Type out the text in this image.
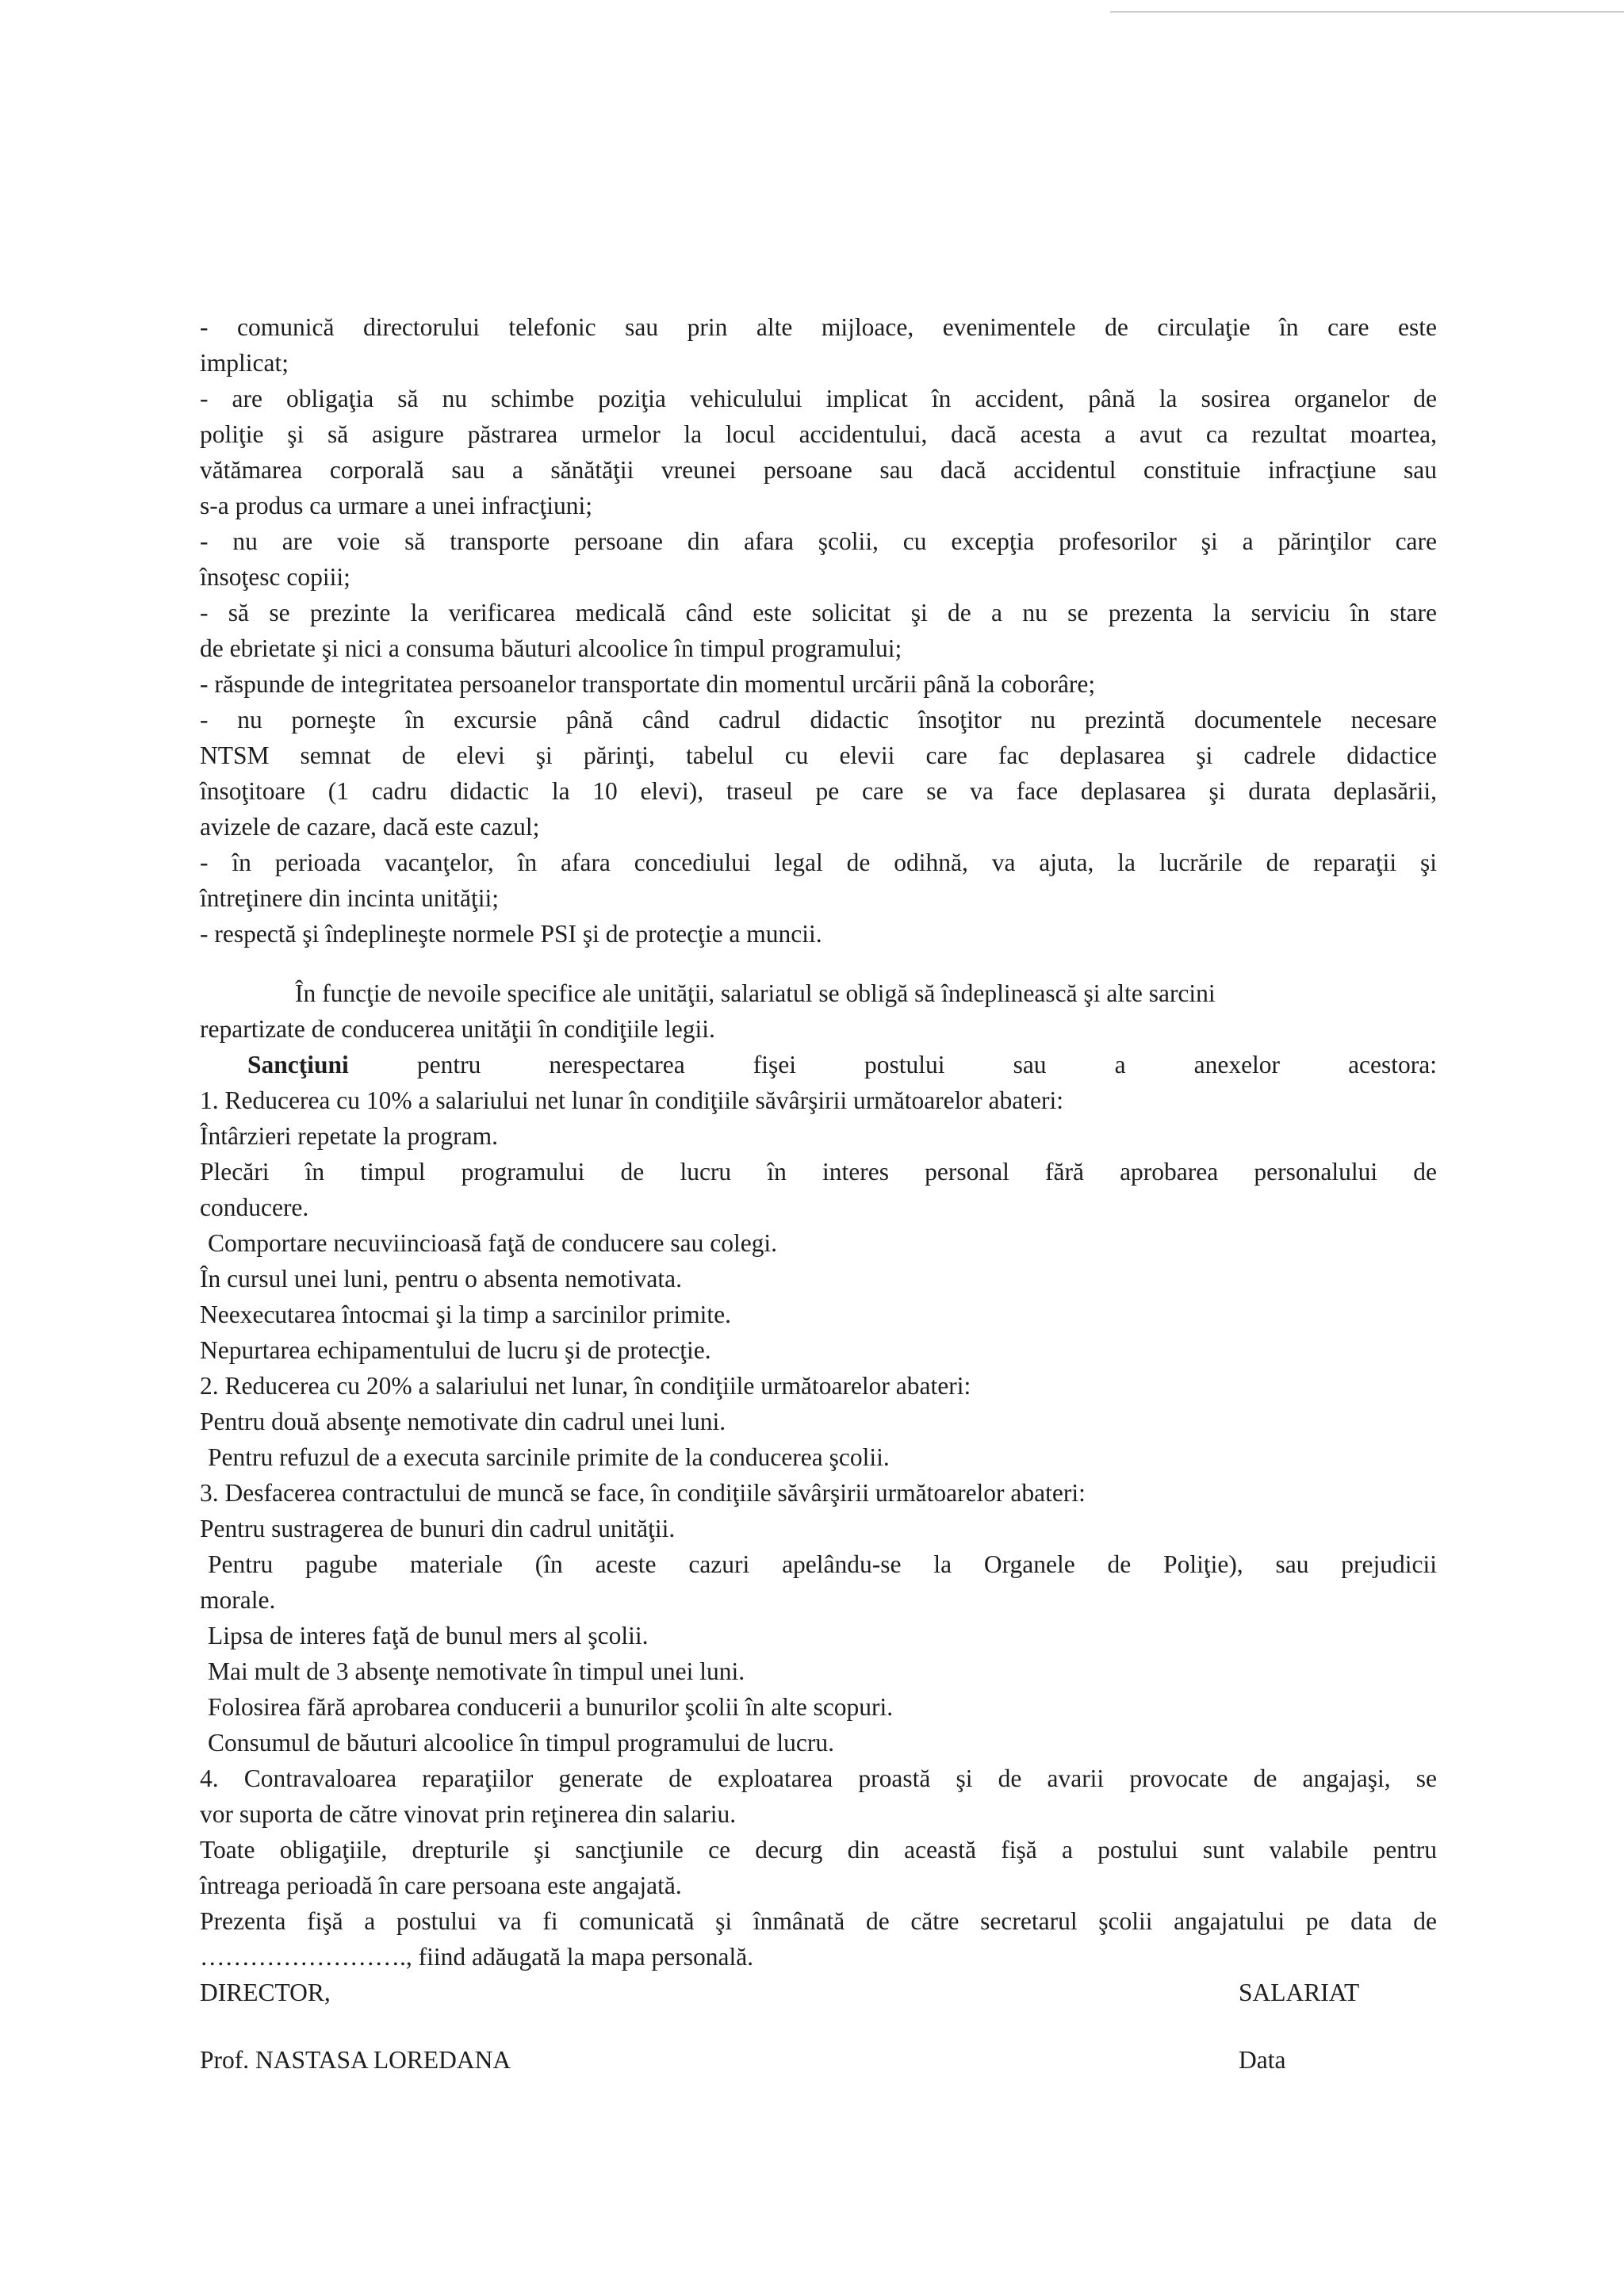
- comunică directorului telefonic sau prin alte mijloace, evenimentele de circulaţie în care este

implicat;

- are obligaţia să nu schimbe poziţia vehiculului implicat în accident, până la sosirea organelor de

poliţie şi să asigure păstrarea urmelor la locul accidentului, dacă acesta a avut ca rezultat moartea,

vătămarea corporală sau a sănătăţii vreunei persoane sau dacă accidentul constituie infracţiune sau

s-a produs ca urmare a unei infracţiuni;

- nu are voie să transporte persoane din afara şcolii, cu excepţia profesorilor şi a părinţilor care

însoţesc copiii;

- să se prezinte la verificarea medicală când este solicitat şi de a nu se prezenta la serviciu în stare

de ebrietate şi nici a consuma băuturi alcoolice în timpul programului;

- răspunde de integritatea persoanelor transportate din momentul urcării până la coborâre;

- nu porneşte în excursie până când cadrul didactic însoţitor nu prezintă documentele necesare

NTSM semnat de elevi şi părinţi, tabelul cu elevii care fac deplasarea şi cadrele didactice

însoţitoare (1 cadru didactic la 10 elevi), traseul pe care se va face deplasarea şi durata deplasării,

avizele de cazare, dacă este cazul;

- în perioada vacanţelor, în afara concediului legal de odihnă, va ajuta, la lucrările de reparaţii şi

întreţinere din incinta unităţii;

- respectă şi îndeplineşte normele PSI şi de protecţie a muncii.

În funcţie de nevoile specifice ale unităţii, salariatul se obligă să îndeplinească şi alte sarcini

repartizate de conducerea unităţii în condiţiile legii.

Sancţiuni	pentru nerespectarea fişei postului sau a anexelor acestora:

1. Reducerea cu 10% a salariului net lunar în condiţiile săvârşirii următoarelor abateri:

Întârzieri repetate la program.

Plecări în timpul programului de lucru în interes personal fără aprobarea personalului de

conducere.

Comportare necuviincioasă faţă de conducere sau colegi.

În cursul unei luni, pentru o absenta nemotivata.

Neexecutarea întocmai şi la timp a sarcinilor primite.

Nepurtarea echipamentului de lucru şi de protecţie.

2. Reducerea cu 20% a salariului net lunar, în condiţiile următoarelor abateri:

Pentru două absenţe nemotivate din cadrul unei luni.

Pentru refuzul de a executa sarcinile primite de la conducerea şcolii.

3. Desfacerea contractului de muncă se face, în condiţiile săvârşirii următoarelor abateri:

Pentru sustragerea de bunuri din cadrul unităţii.

Pentru pagube materiale (în aceste cazuri apelându-se la Organele de Poliţie), sau prejudicii

morale.

Lipsa de interes faţă de bunul mers al şcolii.

Mai mult de 3 absenţe nemotivate în timpul unei luni.

Folosirea fără aprobarea conducerii a bunurilor şcolii în alte scopuri.

Consumul de băuturi alcoolice în timpul programului de lucru.

4. Contravaloarea reparaţiilor generate de exploatarea proastă şi de avarii provocate de angajaşi, se

vor suporta de către vinovat prin reţinerea din salariu.

Toate obligaţiile, drepturile şi sancţiunile ce decurg din această fişă a postului sunt valabile pentru

întreaga perioadă în care persoana este angajată.

Prezenta fişă a postului va fi comunicată şi înmânată de către secretarul şcolii angajatului pe data de

……………………., fiind adăugată la mapa personală.

DIRECTOR,	SALARIAT
Prof. NASTASA LOREDANA	Data
